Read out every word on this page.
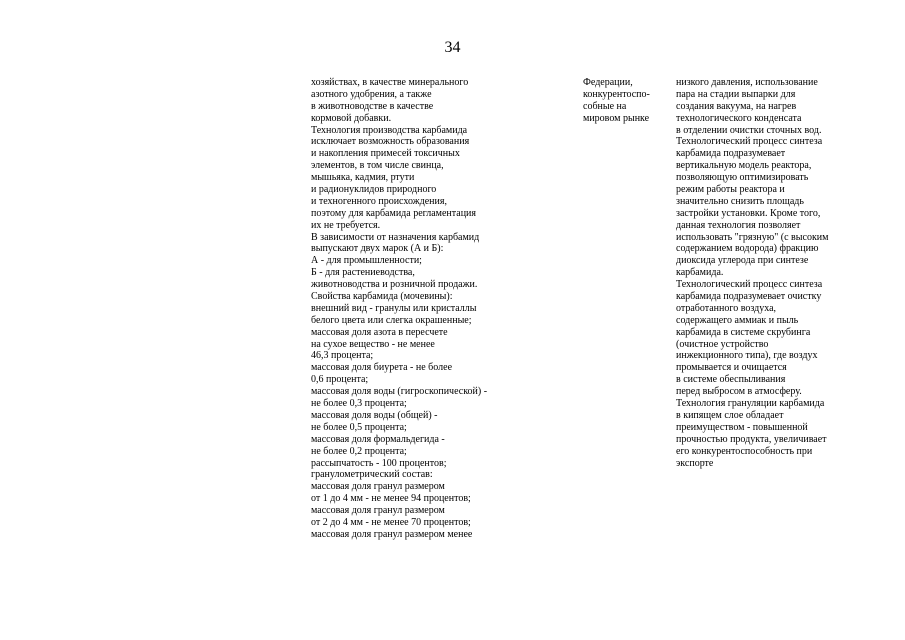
34
хозяйствах, в качестве минерального
азотного удобрения, а также
в животноводстве в качестве
кормовой добавки.
Технология производства карбамида
исключает возможность образования
и накопления примесей токсичных
элементов, в том числе свинца,
мышьяка, кадмия, ртути
и радионуклидов природного
и техногенного происхождения,
поэтому для карбамида регламентация
их не требуется.
В зависимости от назначения карбамид
выпускают двух марок (А и Б):
А - для промышленности;
Б - для растениеводства,
животноводства и розничной продажи.
Свойства карбамида (мочевины):
внешний вид - гранулы или кристаллы
белого цвета или слегка окрашенные;
массовая доля азота в пересчете
на сухое вещество - не менее
46,3 процента;
массовая доля биурета - не более
0,6 процента;
массовая доля воды (гигроскопической) -
не более 0,3 процента;
массовая доля воды (общей) -
не более 0,5 процента;
массовая доля формальдегида -
не более 0,2 процента;
рассыпчатость - 100 процентов;
гранулометрический состав:
массовая доля гранул размером
от 1 до 4 мм - не менее 94 процентов;
массовая доля гранул размером
от 2 до 4 мм - не менее 70 процентов;
массовая доля гранул размером менее
Федерации,
конкурентоспо-
собные на
мировом рынке
низкого давления, использование
пара на стадии выпарки для
создания вакуума, на нагрев
технологического конденсата
в отделении очистки сточных вод.
Технологический процесс синтеза
карбамида подразумевает
вертикальную модель реактора,
позволяющую оптимизировать
режим работы реактора и
значительно снизить площадь
застройки установки. Кроме того,
данная технология позволяет
использовать "грязную" (с высоким
содержанием водорода) фракцию
диоксида углерода при синтезе
карбамида.
Технологический процесс синтеза
карбамида подразумевает очистку
отработанного воздуха,
содержащего аммиак и пыль
карбамида в системе скрубинга
(очистное устройство
инжекционного типа), где воздух
промывается и очищается
в системе обеспыливания
перед выбросом в атмосферу.
Технология грануляции карбамида
в кипящем слое обладает
преимуществом - повышенной
прочностью продукта, увеличивает
его конкурентоспособность при
экспорте
